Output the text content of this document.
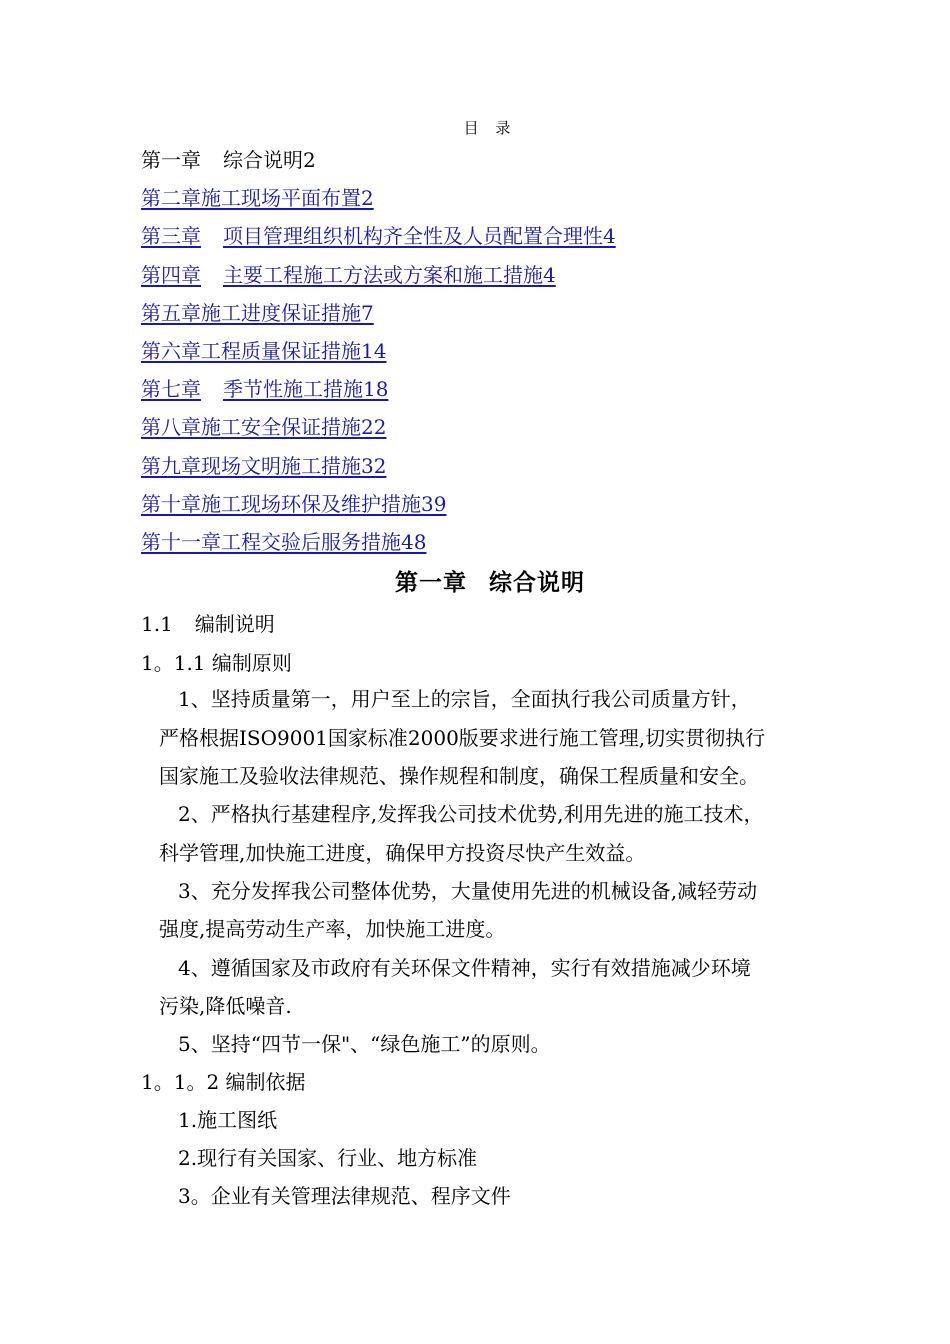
目 录
第一章 综合说明2
第二章施工现场平面布置2
第三章 项目管理组织机构齐全性及人员配置合理性4
第四章 主要工程施工方法或方案和施工措施4
第五章施工进度保证措施7
第六章工程质量保证措施14
第七章 季节性施工措施18
第八章施工安全保证措施22
第九章现场文明施工措施32
第十章施工现场环保及维护措施39
第十一章工程交验后服务措施48
第一章 综合说明
1.1 编制说明
1。1.1 编制原则
1、坚持质量第一，用户至上的宗旨，全面执行我公司质量方针，
严格根据ISO9001国家标准2000版要求进行施工管理,切实贯彻执行
国家施工及验收法律规范、操作规程和制度，确保工程质量和安全。
2、严格执行基建程序,发挥我公司技术优势,利用先进的施工技术，
科学管理,加快施工进度，确保甲方投资尽快产生效益。
3、充分发挥我公司整体优势，大量使用先进的机械设备,减轻劳动
强度,提高劳动生产率，加快施工进度。
4、遵循国家及市政府有关环保文件精神，实行有效措施减少环境
污染,降低噪音.
5、坚持“四节一保"、“绿色施工”的原则。
1。1。2 编制依据
1.施工图纸
2.现行有关国家、行业、地方标准
3。企业有关管理法律规范、程序文件
